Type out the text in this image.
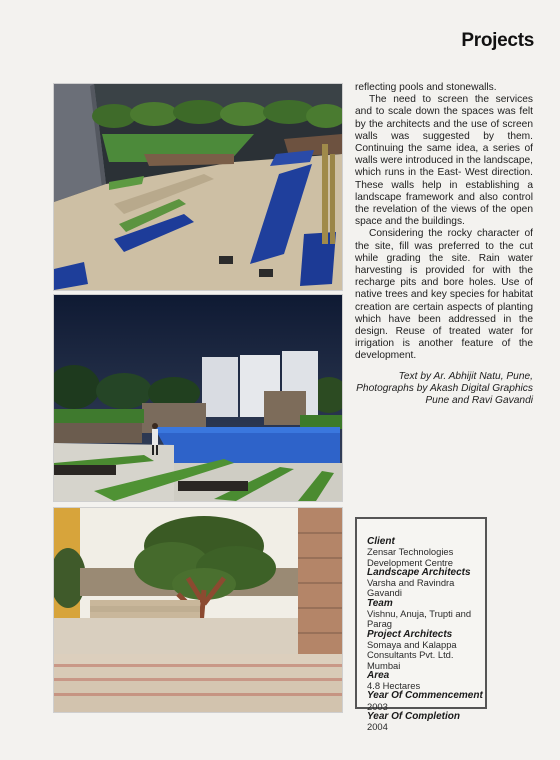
Projects

reflecting pools and stonewalls.

The need to screen the services and to scale down the spaces was felt by the architects and the use of screen walls was suggested by them. Continuing the same idea, a series of walls were introduced in the landscape, which runs in the East- West direction. These walls help in establishing a landscape framework and also control the revelation of the views of the open space and the buildings.

Considering the rocky character of the site, fill was preferred to the cut while grading the site. Rain water harvesting is provided for with the recharge pits and bore holes. Use of native trees and key species for habitat creation are certain aspects of planting which have been addressed in the design. Reuse of treated water for irrigation is another feature of the development.

Text by Ar. Abhijit Natu, Pune, Photographs by Akash Digital Graphics Pune and Ravi Gavandi
Client
Zensar Technologies Development Centre
Landscape Architects
Varsha and Ravindra Gavandi
Team
Vishnu, Anuja, Trupti and Parag
Project Architects
Somaya and Kalappa Consultants Pvt. Ltd. Mumbai
Area
4.8 Hectares
Year Of Commencement
2003
Year Of Completion
2004
